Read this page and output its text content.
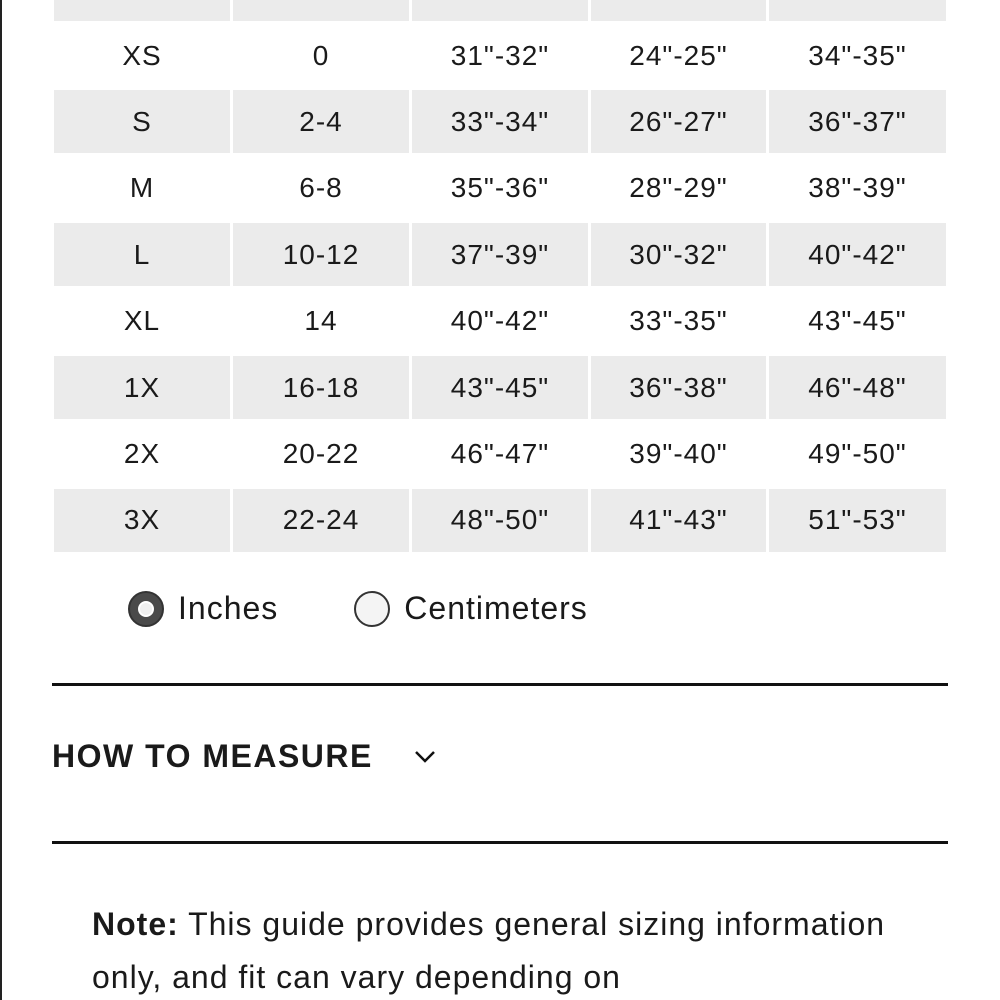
XS	0	31"-32"	24"-25"	34"-35"
S	2-4	33"-34"	26"-27"	36"-37"
M	6-8	35"-36"	28"-29"	38"-39"
L	10-12	37"-39"	30"-32"	40"-42"
XL	14	40"-42"	33"-35"	43"-45"
1X	16-18	43"-45"	36"-38"	46"-48"
2X	20-22	46"-47"	39"-40"	49"-50"
3X	22-24	48"-50"	41"-43"	51"-53"
Inches	Centimeters
HOW TO MEASURE
Note: This guide provides general sizing information only, and fit can vary depending on
